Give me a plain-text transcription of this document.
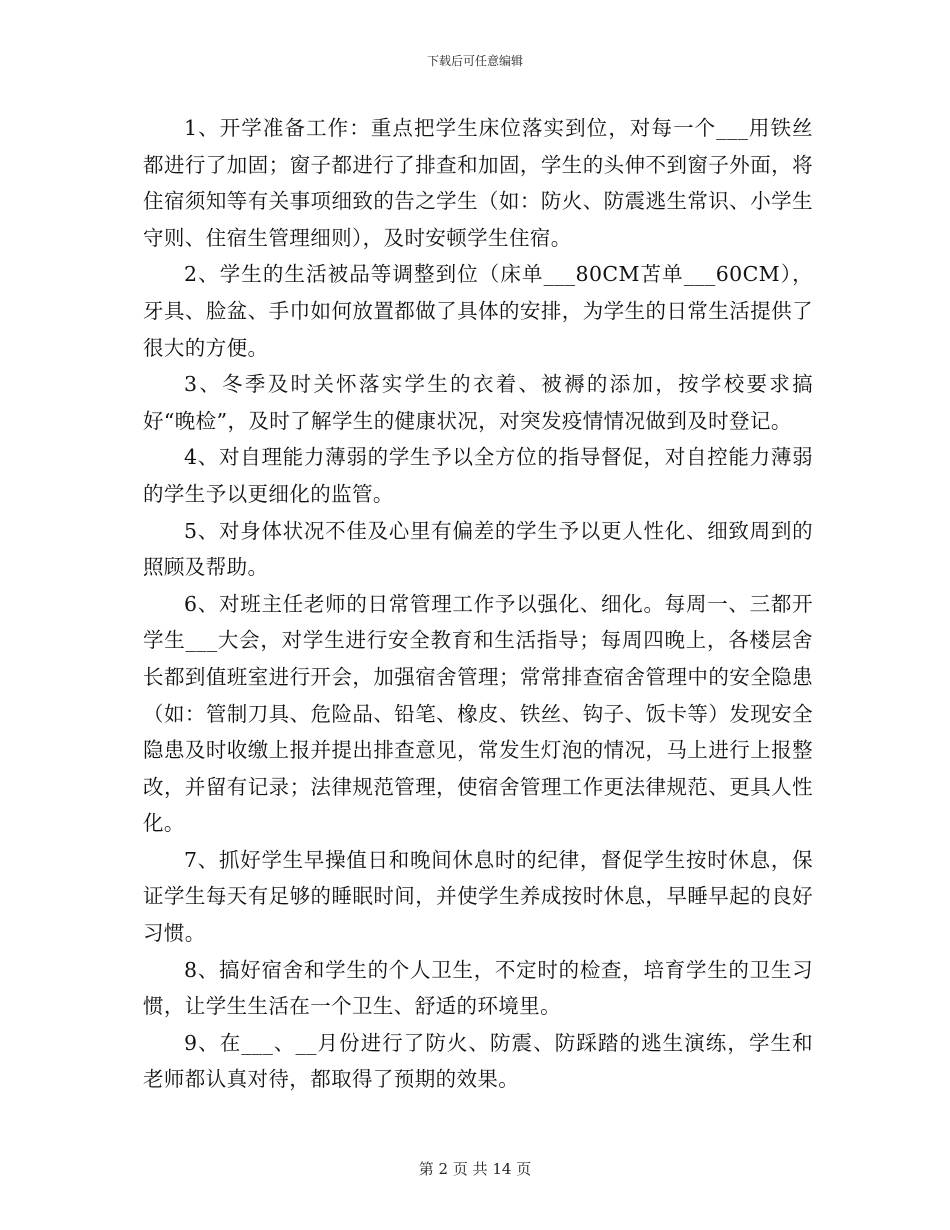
下载后可任意编辑

1、开学准备工作：重点把学生床位落实到位，对每一个___用铁丝都进行了加固；窗子都进行了排查和加固，学生的头伸不到窗子外面，将住宿须知等有关事项细致的告之学生（如：防火、防震逃生常识、小学生守则、住宿生管理细则），及时安顿学生住宿。

2、学生的生活被品等调整到位（床单___80CM苫单___60CM），牙具、脸盆、手巾如何放置都做了具体的安排，为学生的日常生活提供了很大的方便。

3、冬季及时关怀落实学生的衣着、被褥的添加，按学校要求搞好“晚检”，及时了解学生的健康状况，对突发疫情情况做到及时登记。

4、对自理能力薄弱的学生予以全方位的指导督促，对自控能力薄弱的学生予以更细化的监管。

5、对身体状况不佳及心里有偏差的学生予以更人性化、细致周到的照顾及帮助。

6、对班主任老师的日常管理工作予以强化、细化。每周一、三都开学生___大会，对学生进行安全教育和生活指导；每周四晚上，各楼层舍长都到值班室进行开会，加强宿舍管理；常常排查宿舍管理中的安全隐患（如：管制刀具、危险品、铅笔、橡皮、铁丝、钩子、饭卡等）发现安全隐患及时收缴上报并提出排查意见，常发生灯泡的情况，马上进行上报整改，并留有记录；法律规范管理，使宿舍管理工作更法律规范、更具人性化。

7、抓好学生早操值日和晚间休息时的纪律，督促学生按时休息，保证学生每天有足够的睡眠时间，并使学生养成按时休息，早睡早起的良好习惯。

8、搞好宿舍和学生的个人卫生，不定时的检查，培育学生的卫生习惯，让学生生活在一个卫生、舒适的环境里。

9、在___、__月份进行了防火、防震、防踩踏的逃生演练，学生和老师都认真对待，都取得了预期的效果。

第 2 页 共 14 页
